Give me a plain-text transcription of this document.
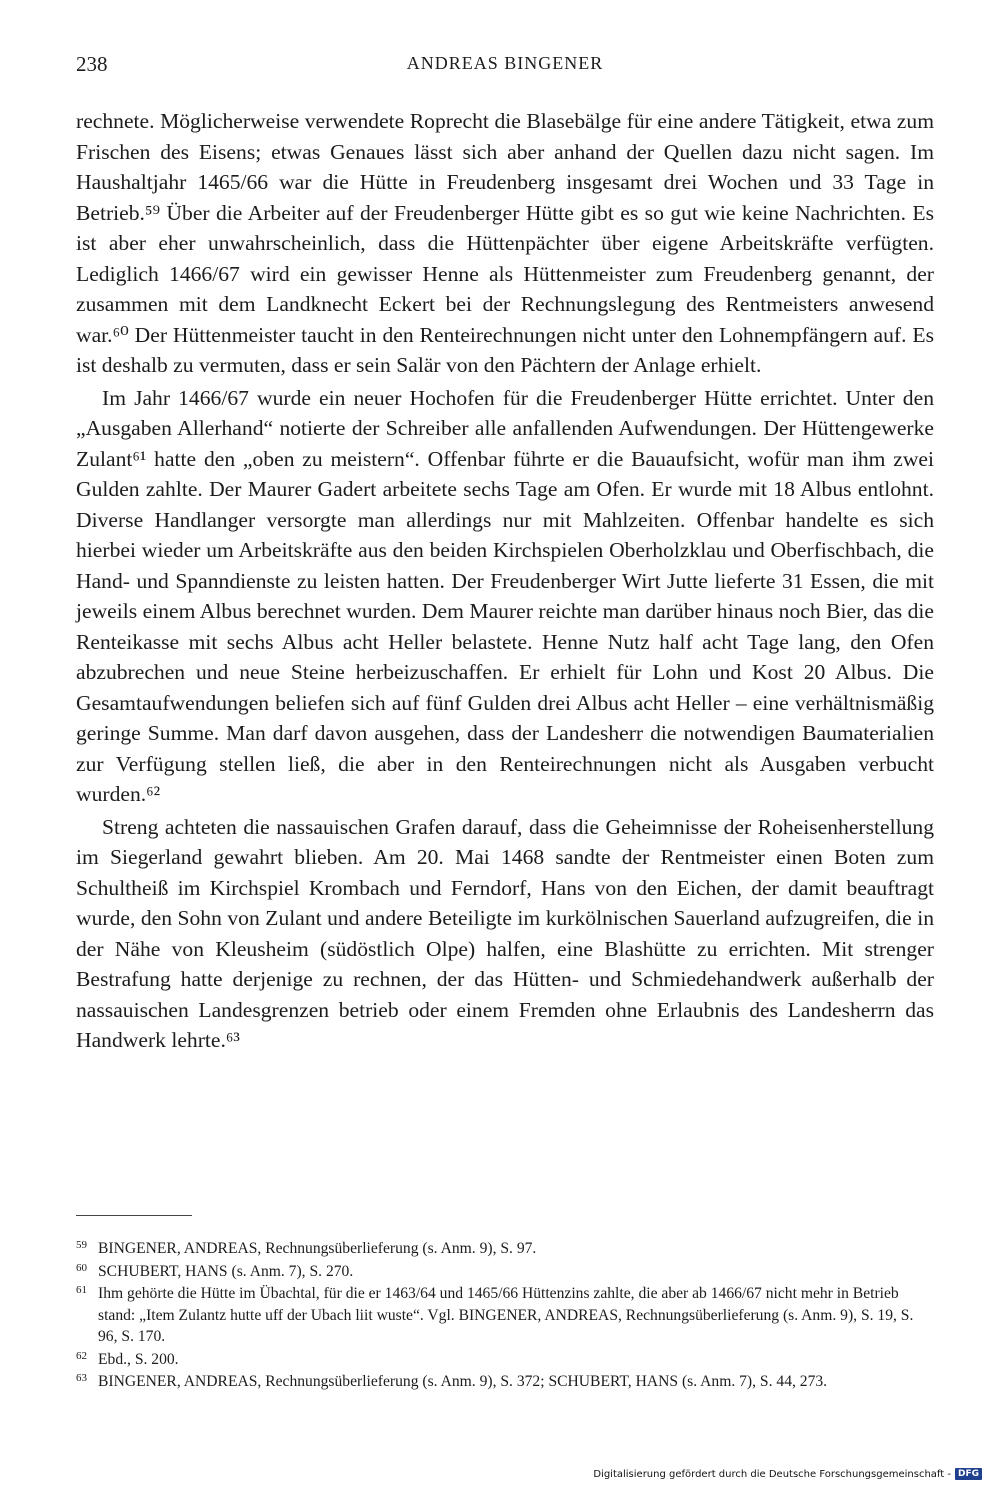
238	ANDREAS BINGENER

rechnete. Möglicherweise verwendete Roprecht die Blasebälge für eine andere Tätigkeit, etwa zum Frischen des Eisens; etwas Genaues lässt sich aber anhand der Quellen dazu nicht sagen. Im Haushaltjahr 1465/66 war die Hütte in Freudenberg insgesamt drei Wochen und 33 Tage in Betrieb.⁵⁹ Über die Arbeiter auf der Freudenberger Hütte gibt es so gut wie keine Nachrichten. Es ist aber eher unwahrscheinlich, dass die Hüttenpächter über eigene Arbeitskräfte verfügten. Lediglich 1466/67 wird ein gewisser Henne als Hüttenmeister zum Freudenberg genannt, der zusammen mit dem Landknecht Eckert bei der Rechnungslegung des Rentmeisters anwesend war.⁶⁰ Der Hüttenmeister taucht in den Renteirechnungen nicht unter den Lohnempfängern auf. Es ist deshalb zu vermuten, dass er sein Salär von den Pächtern der Anlage erhielt.

Im Jahr 1466/67 wurde ein neuer Hochofen für die Freudenberger Hütte errichtet. Unter den „Ausgaben Allerhand“ notierte der Schreiber alle anfallenden Aufwendungen. Der Hüttengewerke Zulant⁶¹ hatte den „oben zu meistern“. Offenbar führte er die Bauaufsicht, wofür man ihm zwei Gulden zahlte. Der Maurer Gadert arbeitete sechs Tage am Ofen. Er wurde mit 18 Albus entlohnt. Diverse Handlanger versorgte man allerdings nur mit Mahlzeiten. Offenbar handelte es sich hierbei wieder um Arbeitskräfte aus den beiden Kirchspielen Oberholzklau und Oberfischbach, die Hand- und Spanndienste zu leisten hatten. Der Freudenberger Wirt Jutte lieferte 31 Essen, die mit jeweils einem Albus berechnet wurden. Dem Maurer reichte man darüber hinaus noch Bier, das die Renteikasse mit sechs Albus acht Heller belastete. Henne Nutz half acht Tage lang, den Ofen abzubrechen und neue Steine herbeizuschaffen. Er erhielt für Lohn und Kost 20 Albus. Die Gesamtaufwendungen beliefen sich auf fünf Gulden drei Albus acht Heller – eine verhältnismäßig geringe Summe. Man darf davon ausgehen, dass der Landesherr die notwendigen Baumaterialien zur Verfügung stellen ließ, die aber in den Renteirechnungen nicht als Ausgaben verbucht wurden.⁶²

Streng achteten die nassauischen Grafen darauf, dass die Geheimnisse der Roheisenherstellung im Siegerland gewahrt blieben. Am 20. Mai 1468 sandte der Rentmeister einen Boten zum Schultheiß im Kirchspiel Krombach und Ferndorf, Hans von den Eichen, der damit beauftragt wurde, den Sohn von Zulant und andere Beteiligte im kurkölnischen Sauerland aufzugreifen, die in der Nähe von Kleusheim (südöstlich Olpe) halfen, eine Blashütte zu errichten. Mit strenger Bestrafung hatte derjenige zu rechnen, der das Hütten- und Schmiedehandwerk außerhalb der nassauischen Landesgrenzen betrieb oder einem Fremden ohne Erlaubnis des Landesherrn das Handwerk lehrte.⁶³

59 BINGENER, ANDREAS, Rechnungsüberlieferung (s. Anm. 9), S. 97.
60 SCHUBERT, HANS (s. Anm. 7), S. 270.
61 Ihm gehörte die Hütte im Übachtal, für die er 1463/64 und 1465/66 Hüttenzins zahlte, die aber ab 1466/67 nicht mehr in Betrieb stand: „Item Zulantz hutte uff der Ubach liit wuste“. Vgl. BINGENER, ANDREAS, Rechnungsüberlieferung (s. Anm. 9), S. 19, S. 96, S. 170.
62 Ebd., S. 200.
63 BINGENER, ANDREAS, Rechnungsüberlieferung (s. Anm. 9), S. 372; SCHUBERT, HANS (s. Anm. 7), S. 44, 273.
Digitalisierung gefördert durch die Deutsche Forschungsgemeinschaft - DFG
